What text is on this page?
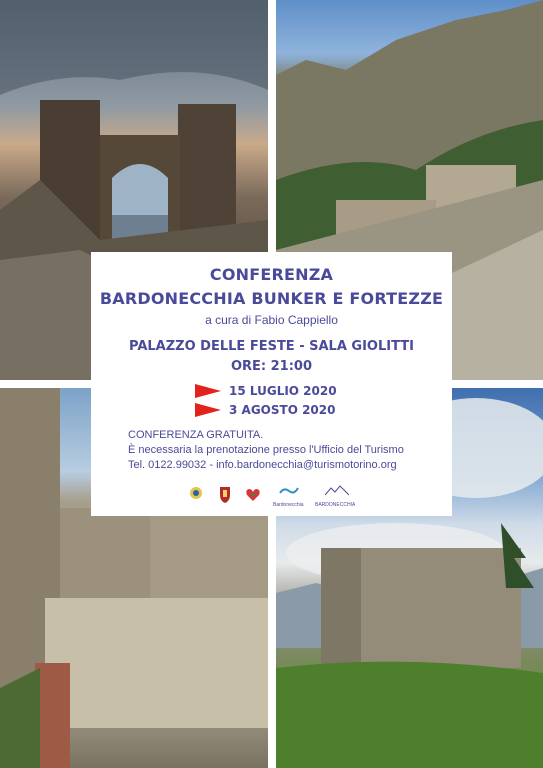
CONFERENZA
BARDONECCHIA BUNKER E FORTEZZE
a cura di Fabio Cappiello
PALAZZO DELLE FESTE - SALA GIOLITTI
ORE: 21:00
15 LUGLIO 2020
3 AGOSTO 2020
CONFERENZA GRATUITA.
È necessaria la prenotazione presso l'Ufficio del Turismo
Tel. 0122.99032 - info.bardonecchia@turismotorino.org
Bardonecchia BARDONECCHIA
